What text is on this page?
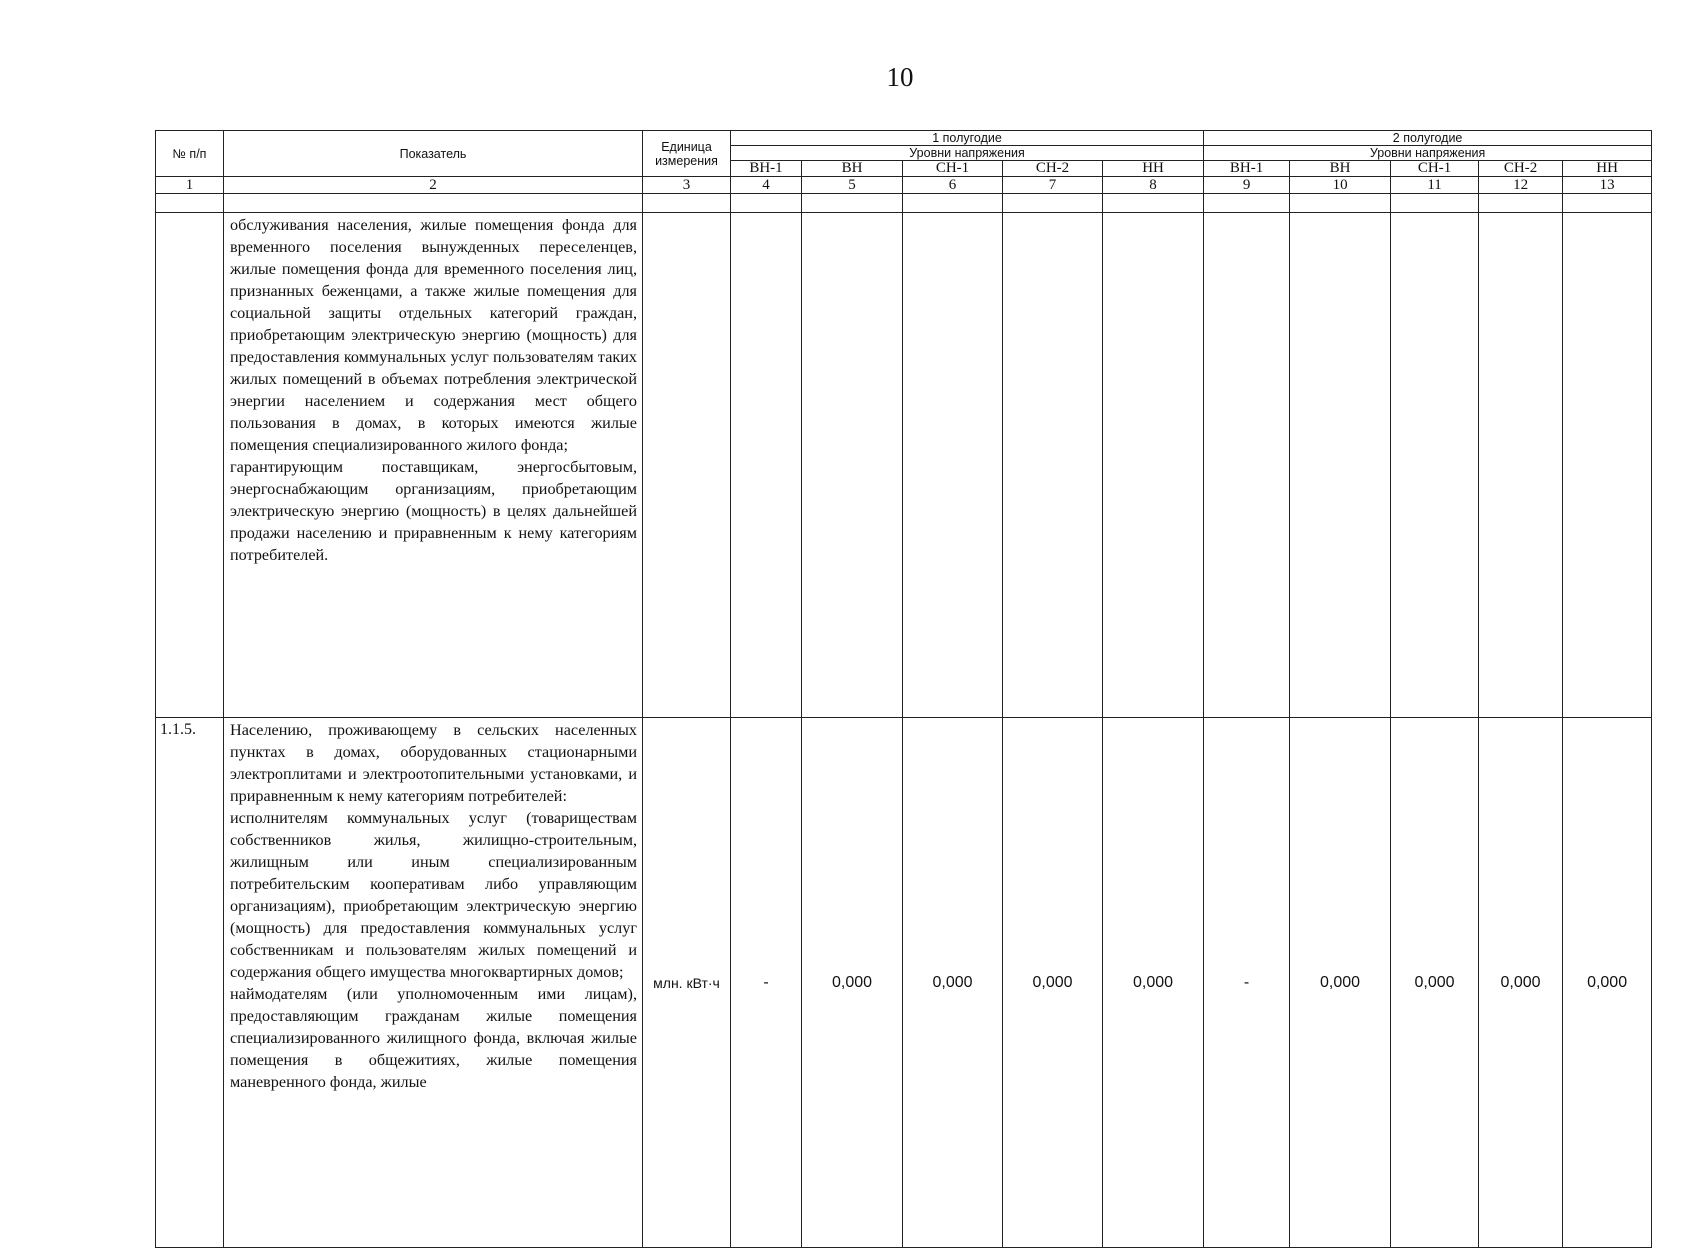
10
№ п/п	Показатель	Единица измерения	1 полугодие					2 полугодие				
			Уровни напряжения					Уровни напряжения				
			ВН-1	ВН	СН-1	СН-2	НН	ВН-1	ВН	СН-1	СН-2	НН
1	2	3	4	5	6	7	8	9	10	11	12	13

	обслуживания населения, жилые помещения фонда для временного поселения вынужденных переселенцев, жилые помещения фонда для временного поселения лиц, признанных беженцами, а также жилые помещения для социальной защиты отдельных категорий граждан, приобретающим электрическую энергию (мощность) для предоставления коммунальных услуг пользователям таких жилых помещений в объемах потребления электрической энергии населением и содержания мест общего пользования в домах, в которых имеются жилые помещения специализированного жилого фонда;
гарантирующим поставщикам, энергосбытовым, энергоснабжающим организациям, приобретающим электрическую энергию (мощность) в целях дальнейшей продажи населению и приравненным к нему категориям потребителей.											

1.1.5.	Населению, проживающему в сельских населенных пунктах в домах, оборудованных стационарными электроплитами и электроотопительными установками, и приравненным к нему категориям потребителей:
исполнителям коммунальных услуг (товариществам собственников жилья, жилищно-строительным, жилищным или иным специализированным потребительским кооперативам либо управляющим организациям), приобретающим электрическую энергию (мощность) для предоставления коммунальных услуг собственникам и пользователям жилых помещений и содержания общего имущества многоквартирных домов;
наймодателям (или уполномоченным ими лицам), предоставляющим гражданам жилые помещения специализированного жилищного фонда, включая жилые помещения в общежитиях, жилые помещения маневренного фонда, жилые	млн. кВт·ч	-	0,000	0,000	0,000	0,000	-	0,000	0,000	0,000	0,000
